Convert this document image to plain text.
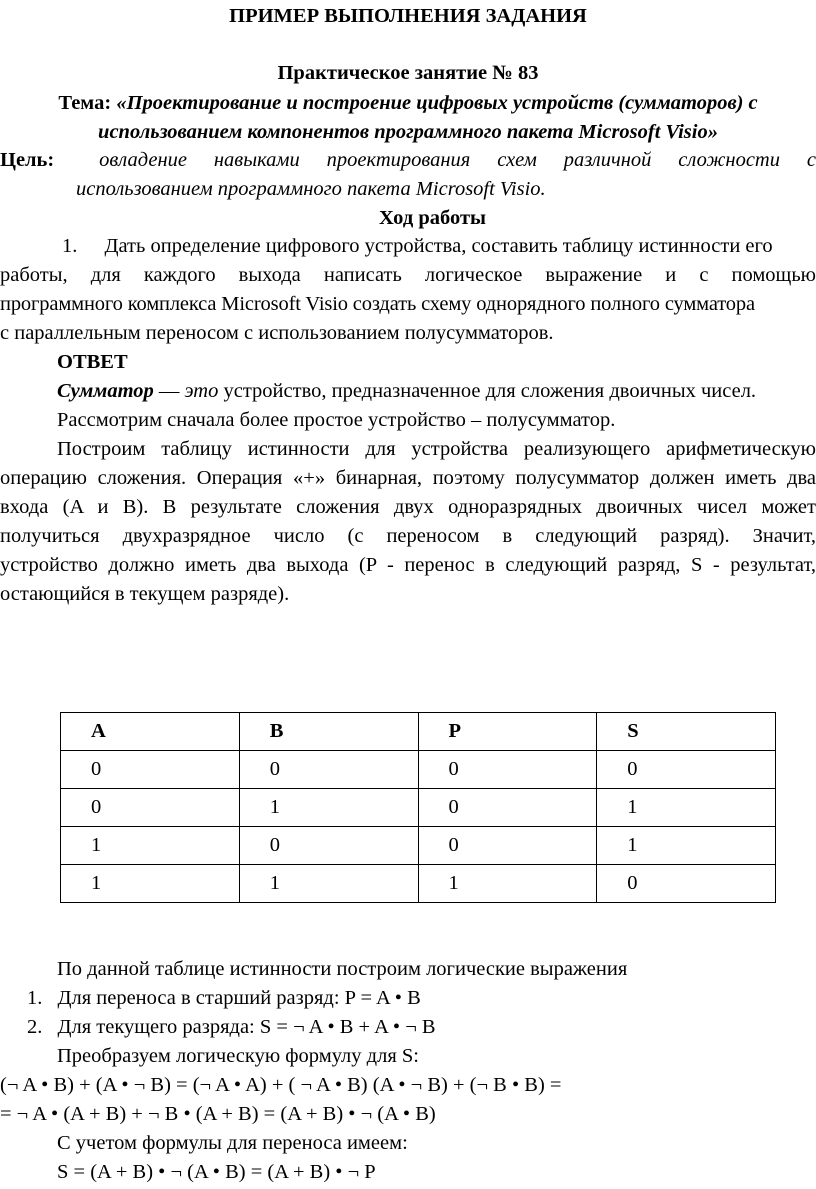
ПРИМЕР ВЫПОЛНЕНИЯ ЗАДАНИЯ
Практическое занятие № 83
Тема: «Проектирование и построение цифровых устройств (сумматоров) с
использованием компонентов программного пакета Microsoft Visio»
Цель: овладение навыками проектирования схем различной сложности с
использованием программного пакета Microsoft Visio.
Ход работы
1. Дать определение цифрового устройства, составить таблицу истинности его
работы, для каждого выхода написать логическое выражение и с помощью
программного комплекса Microsoft Visio создать схему однорядного полного сумматора
с параллельным переносом с использованием полусумматоров.
ОТВЕТ
Сумматор — это устройство, предназначенное для сложения двоичных чисел.
Рассмотрим сначала более простое устройство – полусумматор.
Построим таблицу истинности для устройства реализующего арифметическую
операцию сложения. Операция «+» бинарная, поэтому полусумматор должен иметь два
входа (A и B). В результате сложения двух одноразрядных двоичных чисел может
получиться двухразрядное число (с переносом в следующий разряд). Значит,
устройство должно иметь два выхода (P - перенос в следующий разряд, S - результат,
остающийся в текущем разряде).
A	B	P	S
0	0	0	0
0	1	0	1
1	0	0	1
1	1	1	0
По данной таблице истинности построим логические выражения
1. Для переноса в старший разряд: P = A • B
2. Для текущего разряда: S = ¬ A • B + A • ¬ B
Преобразуем логическую формулу для S:
(¬ A • B) + (A • ¬ B) = (¬ A • A) + ( ¬ A • B) (A • ¬ B) + (¬ B • B) =
= ¬ A • (A + B) + ¬ B • (A + B) = (A + B) • ¬ (A • B)
С учетом формулы для переноса имеем:
S = (A + B) • ¬ (A • B) = (A + B) • ¬ P
